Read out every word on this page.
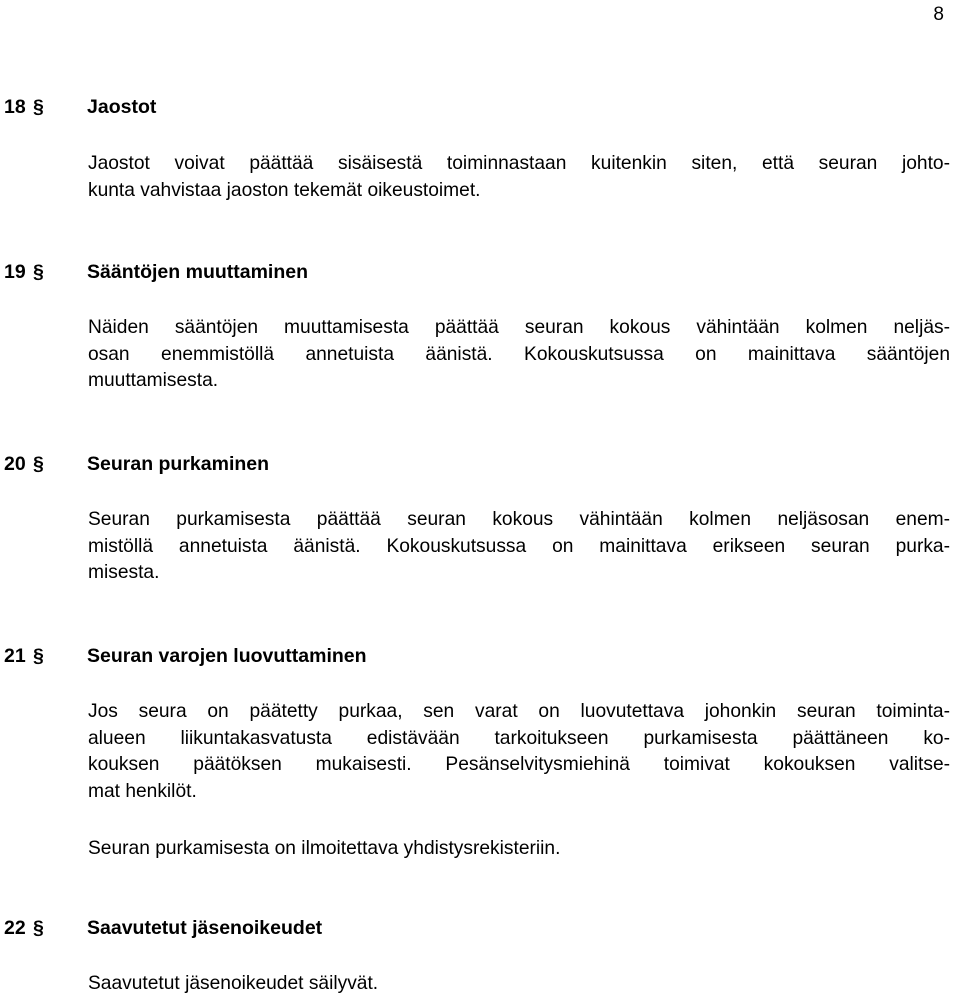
8
18 § Jaostot
Jaostot voivat päättää sisäisestä toiminnastaan kuitenkin siten, että seuran johto-
kunta vahvistaa jaoston tekemät oikeustoimet.
19 § Sääntöjen muuttaminen
Näiden sääntöjen muuttamisesta päättää seuran kokous vähintään kolmen neljäs-
osan enemmistöllä annetuista äänistä. Kokouskutsussa on mainittava sääntöjen
muuttamisesta.
20 § Seuran purkaminen
Seuran purkamisesta päättää seuran kokous vähintään kolmen neljäsosan enem-
mistöllä annetuista äänistä. Kokouskutsussa on mainittava erikseen seuran purka-
misesta.
21 § Seuran varojen luovuttaminen
Jos seura on päätetty purkaa, sen varat on luovutettava johonkin seuran toiminta-
alueen liikuntakasvatusta edistävään tarkoitukseen purkamisesta päättäneen ko-
kouksen päätöksen mukaisesti. Pesänselvitysmiehinä toimivat kokouksen valitse-
mat henkilöt.
Seuran purkamisesta on ilmoitettava yhdistysrekisteriin.
22 § Saavutetut jäsenoikeudet
Saavutetut jäsenoikeudet säilyvät.
